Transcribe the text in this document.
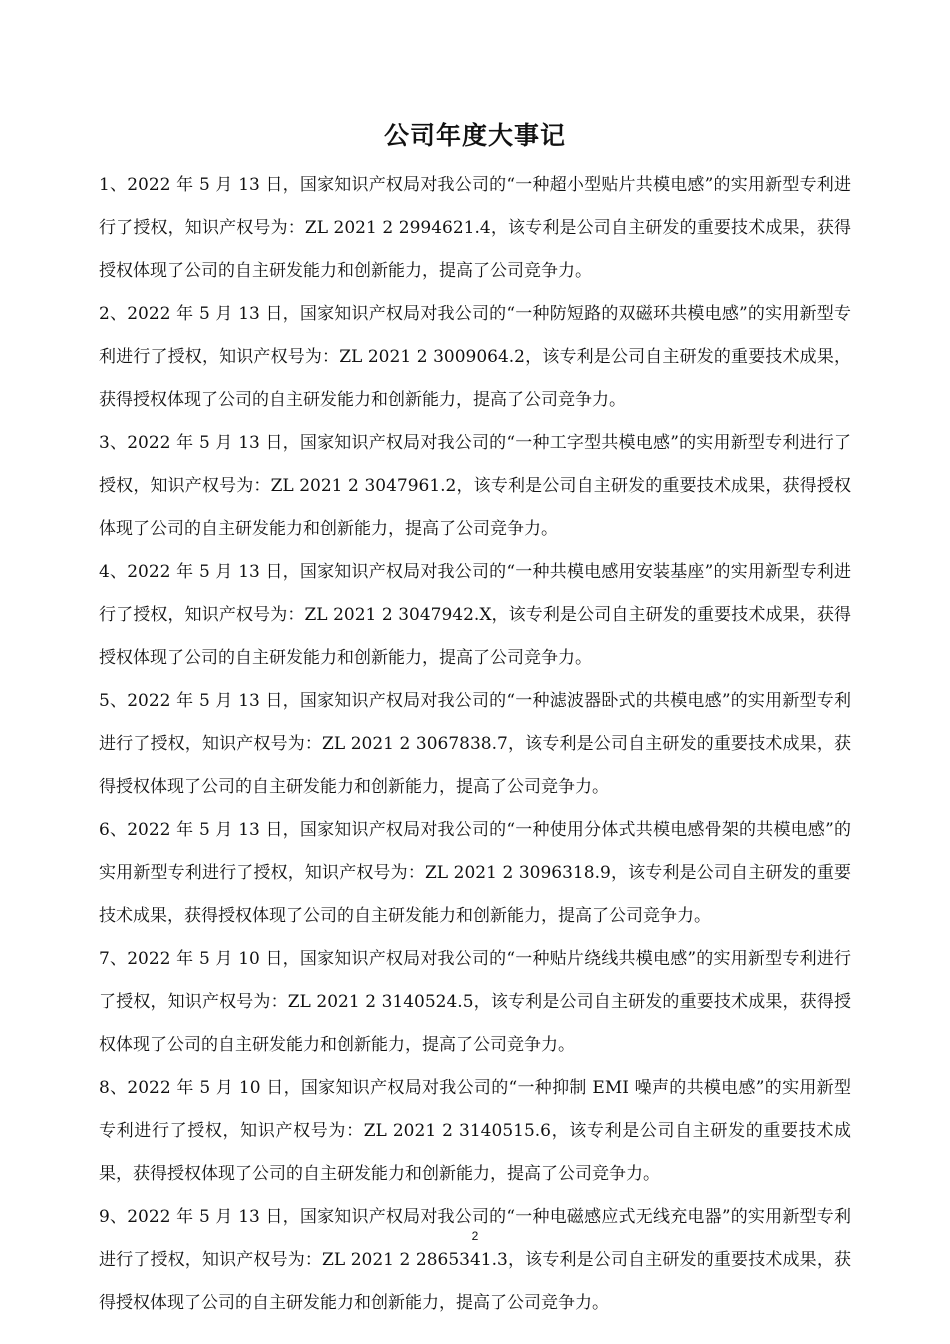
公司年度大事记

1、2022 年 5 月 13 日，国家知识产权局对我公司的“一种超小型贴片共模电感”的实用新型专利进行了授权，知识产权号为：ZL 2021 2 2994621.4，该专利是公司自主研发的重要技术成果，获得授权体现了公司的自主研发能力和创新能力，提高了公司竞争力。

2、2022 年 5 月 13 日，国家知识产权局对我公司的“一种防短路的双磁环共模电感”的实用新型专利进行了授权，知识产权号为：ZL 2021 2 3009064.2，该专利是公司自主研发的重要技术成果，获得授权体现了公司的自主研发能力和创新能力，提高了公司竞争力。

3、2022 年 5 月 13 日，国家知识产权局对我公司的“一种工字型共模电感”的实用新型专利进行了授权，知识产权号为：ZL 2021 2 3047961.2，该专利是公司自主研发的重要技术成果，获得授权体现了公司的自主研发能力和创新能力，提高了公司竞争力。

4、2022 年 5 月 13 日，国家知识产权局对我公司的“一种共模电感用安装基座”的实用新型专利进行了授权，知识产权号为：ZL 2021 2 3047942.X，该专利是公司自主研发的重要技术成果，获得授权体现了公司的自主研发能力和创新能力，提高了公司竞争力。

5、2022 年 5 月 13 日，国家知识产权局对我公司的“一种滤波器卧式的共模电感”的实用新型专利进行了授权，知识产权号为：ZL 2021 2 3067838.7，该专利是公司自主研发的重要技术成果，获得授权体现了公司的自主研发能力和创新能力，提高了公司竞争力。

6、2022 年 5 月 13 日，国家知识产权局对我公司的“一种使用分体式共模电感骨架的共模电感”的实用新型专利进行了授权，知识产权号为：ZL 2021 2 3096318.9，该专利是公司自主研发的重要技术成果，获得授权体现了公司的自主研发能力和创新能力，提高了公司竞争力。

7、2022 年 5 月 10 日，国家知识产权局对我公司的“一种贴片绕线共模电感”的实用新型专利进行了授权，知识产权号为：ZL 2021 2 3140524.5，该专利是公司自主研发的重要技术成果，获得授权体现了公司的自主研发能力和创新能力，提高了公司竞争力。

8、2022 年 5 月 10 日，国家知识产权局对我公司的“一种抑制 EMI 噪声的共模电感”的实用新型专利进行了授权，知识产权号为：ZL 2021 2 3140515.6，该专利是公司自主研发的重要技术成果，获得授权体现了公司的自主研发能力和创新能力，提高了公司竞争力。

9、2022 年 5 月 13 日，国家知识产权局对我公司的“一种电磁感应式无线充电器”的实用新型专利进行了授权，知识产权号为：ZL 2021 2 2865341.3，该专利是公司自主研发的重要技术成果，获得授权体现了公司的自主研发能力和创新能力，提高了公司竞争力。

2
